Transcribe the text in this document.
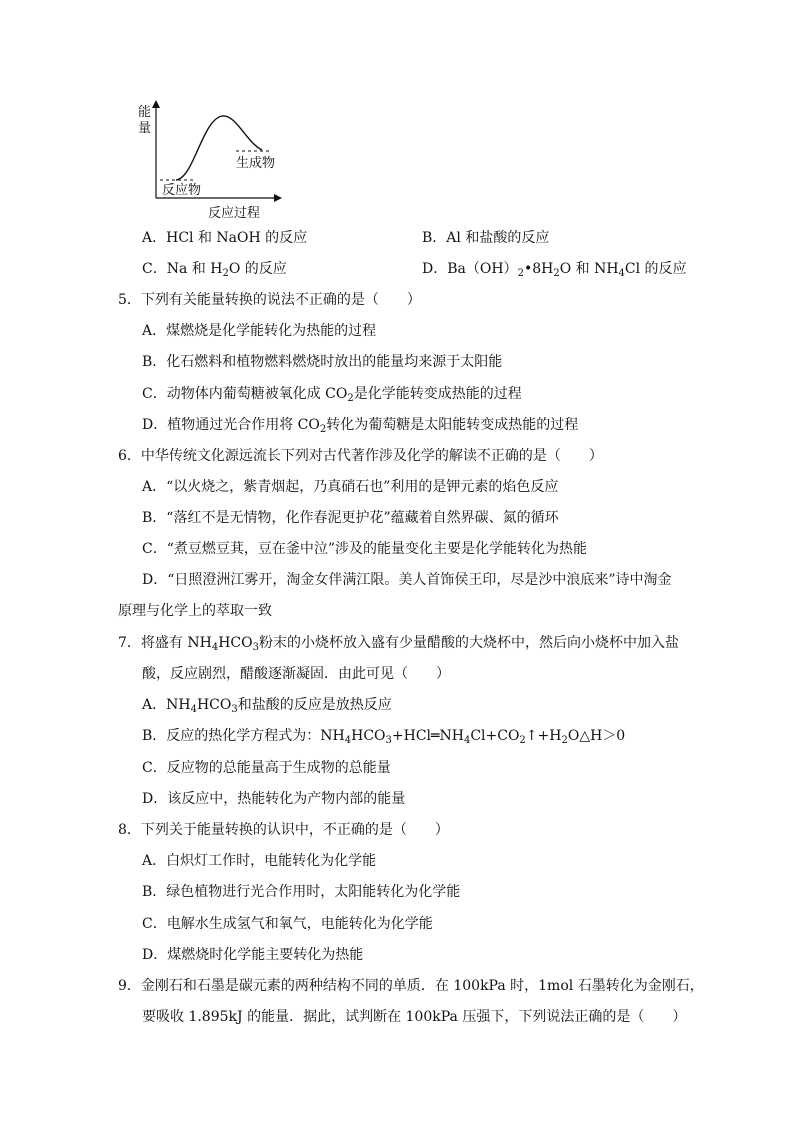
能
量
生成物
反应物
反应过程
A．HCl 和 NaOH 的反应	B．Al 和盐酸的反应
C．Na 和 $H_2O$ 的反应	D．$Ba(OH)_2•8H_2O$ 和 $NH_4Cl$ 的反应
5．下列有关能量转换的说法不正确的是（　　）
A．煤燃烧是化学能转化为热能的过程
B．化石燃料和植物燃料燃烧时放出的能量均来源于太阳能
C．动物体内葡萄糖被氧化成 $CO_2$是化学能转变成热能的过程
D．植物通过光合作用将 $CO_2$转化为葡萄糖是太阳能转变成热能的过程
6．中华传统文化源远流长下列对古代著作涉及化学的解读不正确的是（　　）
A．“以火烧之，紫青烟起，乃真硝石也”利用的是钾元素的焰色反应
B．“落红不是无情物，化作春泥更护花”蕴藏着自然界碳、氮的循环
C．“煮豆燃豆萁，豆在釜中泣”涉及的能量变化主要是化学能转化为热能
D．“日照澄洲江雾开，淘金女伴满江限。美人首饰侯王印，尽是沙中浪底来”诗中淘金
原理与化学上的萃取一致
7．将盛有 $NH_4HCO_3$粉末的小烧杯放入盛有少量醋酸的大烧杯中，然后向小烧杯中加入盐
酸，反应剧烈，醋酸逐渐凝固．由此可见（　　）
A．$NH_4HCO_3$和盐酸的反应是放热反应
B．反应的热化学方程式为：$NH_4HCO_3+HCl═NH_4Cl+CO_2↑+H_2O\triangle H>0$
C．反应物的总能量高于生成物的总能量
D．该反应中，热能转化为产物内部的能量
8．下列关于能量转换的认识中，不正确的是（　　）
A．白炽灯工作时，电能转化为化学能
B．绿色植物进行光合作用时，太阳能转化为化学能
C．电解水生成氢气和氧气，电能转化为化学能
D．煤燃烧时化学能主要转化为热能
9．金刚石和石墨是碳元素的两种结构不同的单质．在 100kPa 时，1mol 石墨转化为金刚石，
要吸收 1.895kJ 的能量．据此，试判断在 100kPa 压强下，下列说法正确的是（　　）
